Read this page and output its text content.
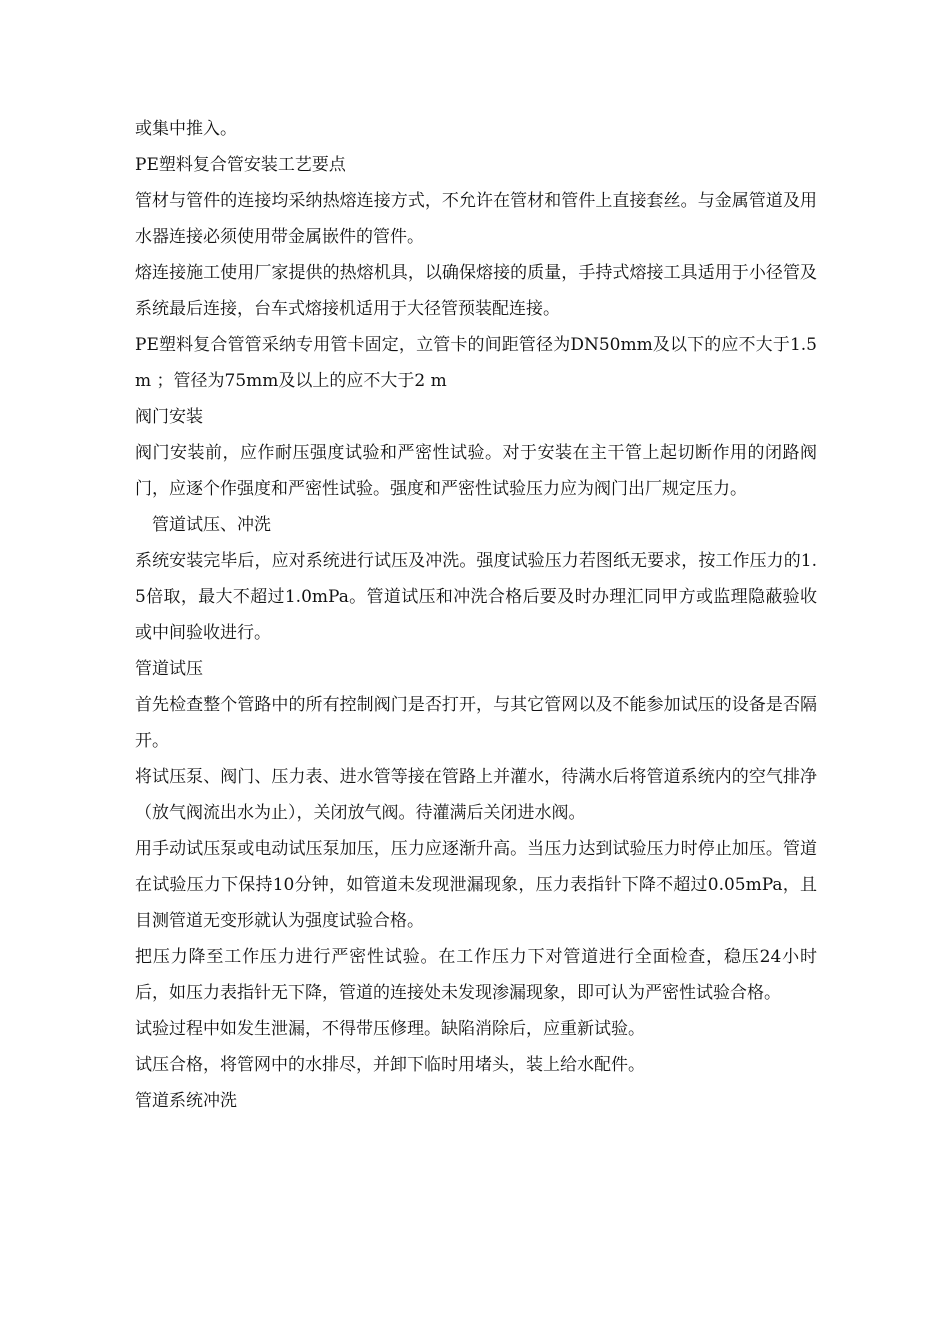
或集中推入。

PE塑料复合管安装工艺要点

管材与管件的连接均采纳热熔连接方式，不允许在管材和管件上直接套丝。与金属管道及用水器连接必须使用带金属嵌件的管件。

熔连接施工使用厂家提供的热熔机具，以确保熔接的质量，手持式熔接工具适用于小径管及系统最后连接，台车式熔接机适用于大径管预装配连接。

PE塑料复合管管采纳专用管卡固定，立管卡的间距管径为DN50mm及以下的应不大于1.5m ；管径为75mm及以上的应不大于2 m

阀门安装

阀门安装前，应作耐压强度试验和严密性试验。对于安装在主干管上起切断作用的闭路阀门，应逐个作强度和严密性试验。强度和严密性试验压力应为阀门出厂规定压力。

管道试压、冲洗

系统安装完毕后，应对系统进行试压及冲洗。强度试验压力若图纸无要求，按工作压力的1.5倍取，最大不超过1.0mPa。管道试压和冲洗合格后要及时办理汇同甲方或监理隐蔽验收或中间验收进行。

管道试压

首先检查整个管路中的所有控制阀门是否打开，与其它管网以及不能参加试压的设备是否隔开。

将试压泵、阀门、压力表、进水管等接在管路上并灌水，待满水后将管道系统内的空气排净（放气阀流出水为止），关闭放气阀。待灌满后关闭进水阀。

用手动试压泵或电动试压泵加压，压力应逐渐升高。当压力达到试验压力时停止加压。管道在试验压力下保持10分钟，如管道未发现泄漏现象，压力表指针下降不超过0.05mPa，且目测管道无变形就认为强度试验合格。

把压力降至工作压力进行严密性试验。在工作压力下对管道进行全面检查，稳压24小时后，如压力表指针无下降，管道的连接处未发现渗漏现象，即可认为严密性试验合格。

试验过程中如发生泄漏，不得带压修理。缺陷消除后，应重新试验。

试压合格，将管网中的水排尽，并卸下临时用堵头，装上给水配件。

管道系统冲洗
